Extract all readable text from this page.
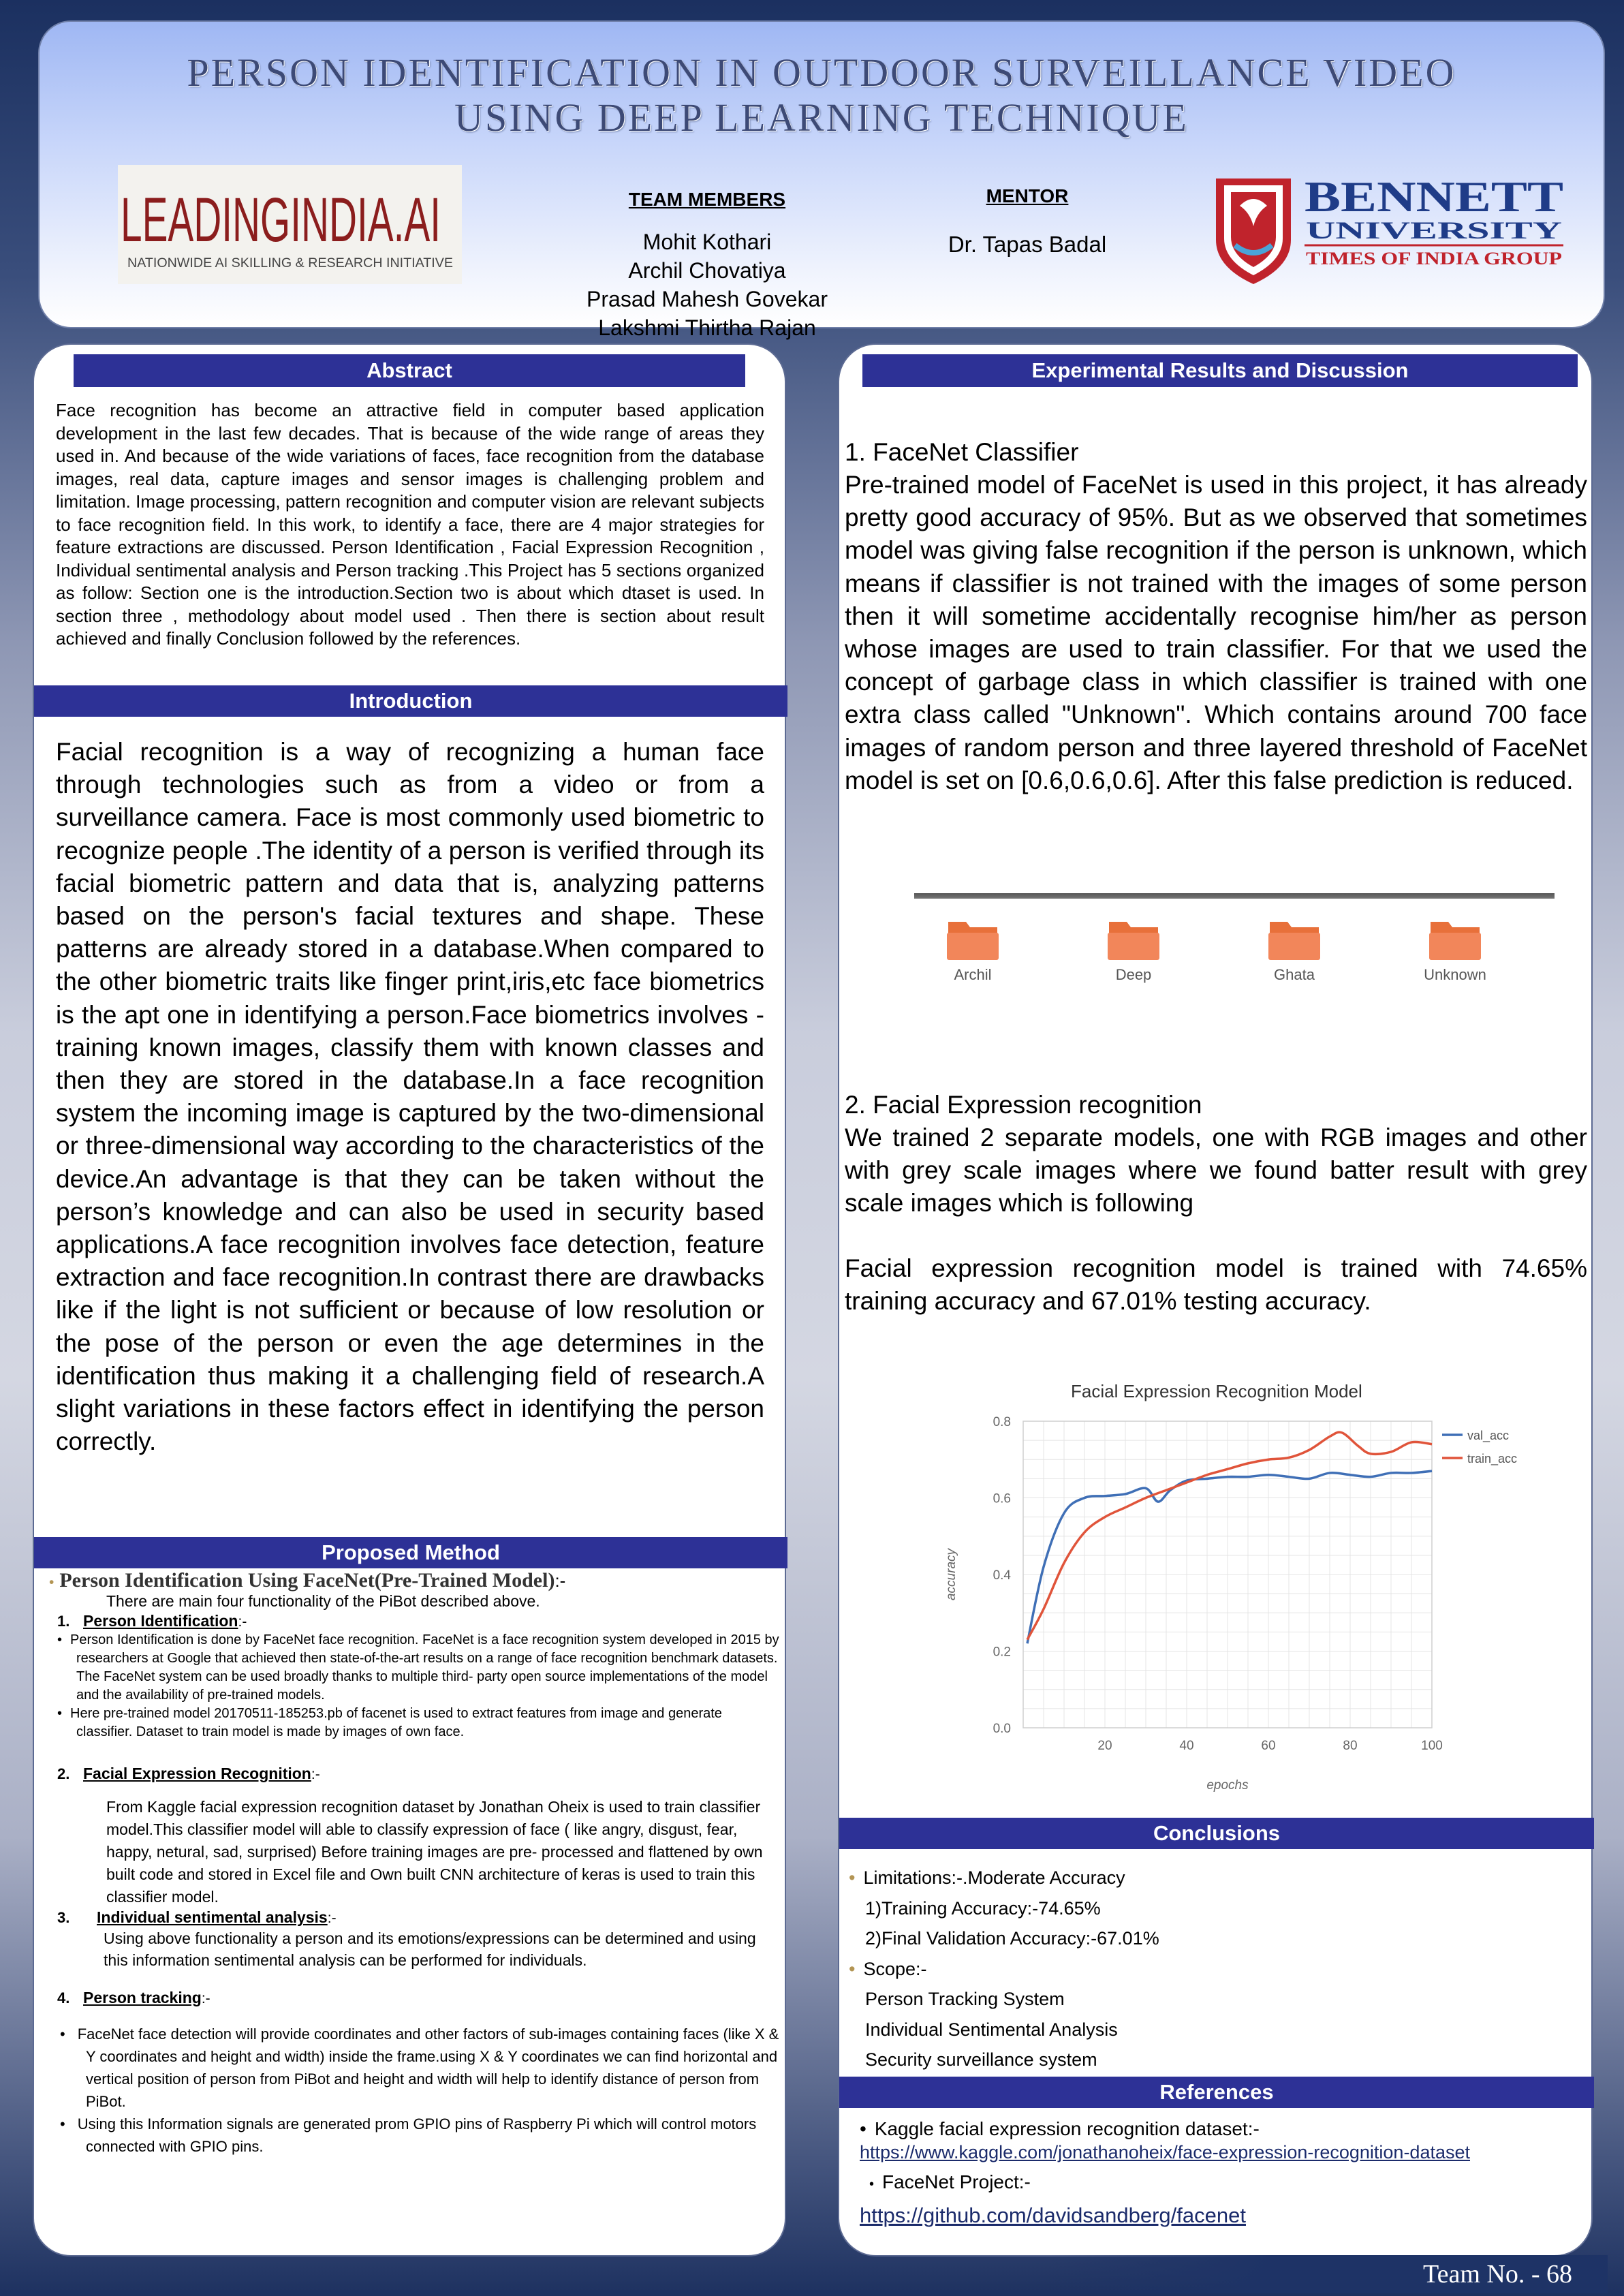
PERSON IDENTIFICATION IN OUTDOOR SURVEILLANCE VIDEO
USING DEEP LEARNING TECHNIQUE
LEADINGINDIA.AI
NATIONWIDE AI SKILLING & RESEARCH INITIATIVE
TEAM MEMBERS
Mohit Kothari
Archil Chovatiya
Prasad Mahesh Govekar
Lakshmi Thirtha Rajan
MENTOR
Dr. Tapas Badal
BENNETT
UNIVERSITY
TIMES OF INDIA GROUP
Abstract
Face recognition has become an attractive field in computer based application development in the last few decades. That is because of the wide range of areas they used in. And because of the wide variations of faces, face recognition from the database images, real data, capture images and sensor images is challenging problem and limitation. Image processing, pattern recognition and computer vision are relevant subjects to face recognition field. In this work, to identify a face, there are 4 major strategies for feature extractions are discussed. Person Identification , Facial Expression Recognition , Individual sentimental analysis and Person tracking .This Project has 5 sections organized as follow: Section one is the introduction.Section two is about which dtaset is used. In section three , methodology about model used . Then there is section about result achieved and finally Conclusion followed by the references.
Introduction
Facial recognition is a way of recognizing a human face through technologies such as from a video or from a surveillance camera. Face is most commonly used biometric to recognize people .The identity of a person is verified through its facial biometric pattern and data that is, analyzing patterns based on the person's facial textures and shape. These patterns are already stored in a database.When compared to the other biometric traits like finger print,iris,etc face biometrics is the apt one in identifying a person.Face biometrics involves - training known images, classify them with known classes and then they are stored in the database.In a face recognition system the incoming image is captured by the two-dimensional or three-dimensional way according to the characteristics of the device.An advantage is that they can be taken without the person’s knowledge and can also be used in security based applications.A face recognition involves face detection, feature extraction and face recognition.In contrast there are drawbacks like if the light is not sufficient or because of low resolution or the pose of the person or even the age determines in the identification thus making it a challenging field of research.A slight variations in these factors effect in identifying the person correctly.
Proposed Method
• Person Identification Using FaceNet(Pre-Trained Model):-
There are main four functionality of the PiBot described above.
1. Person Identification:-
• Person Identification is done by FaceNet face recognition. FaceNet is a face recognition system developed in 2015 by researchers at Google that achieved then state-of-the-art results on a range of face recognition benchmark datasets. The FaceNet system can be used broadly thanks to multiple third- party open source implementations of the model and the availability of pre-trained models.
• Here pre-trained model 20170511-185253.pb of facenet is used to extract features from image and generate classifier. Dataset to train model is made by images of own face.
2. Facial Expression Recognition:-
From Kaggle facial expression recognition dataset by Jonathan Oheix is used to train classifier model.This classifier model will able to classify expression of face ( like angry, disgust, fear, happy, netural, sad, surprised) Before training images are pre- processed and flattened by own built code and stored in Excel file and Own built CNN architecture of keras is used to train this classifier model.
3. Individual sentimental analysis:-
Using above functionality a person and its emotions/expressions can be determined and using this information sentimental analysis can be performed for individuals.
4. Person tracking:-
• FaceNet face detection will provide coordinates and other factors of sub-images containing faces (like X & Y coordinates and height and width) inside the frame.using X & Y coordinates we can find horizontal and vertical position of person from PiBot and height and width will help to identify distance of person from PiBot.
• Using this Information signals are generated prom GPIO pins of Raspberry Pi which will control motors connected with GPIO pins.
Experimental Results and Discussion
1. FaceNet Classifier
Pre-trained model of FaceNet is used in this project, it has already pretty good accuracy of 95%. But as we observed that sometimes model was giving false recognition if the person is unknown, which means if classifier is not trained with the images of some person then it will sometime accidentally recognise him/her as person whose images are used to train classifier. For that we used the concept of garbage class in which classifier is trained with one extra class called "Unknown". Which contains around 700 face images of random person and three layered threshold of FaceNet model is set on [0.6,0.6,0.6]. After this false prediction is reduced.
Archil	Deep	Ghata	Unknown
2. Facial Expression recognition
We trained 2 separate models, one with RGB images and other with grey scale images where we found batter result with grey scale images which is following
Facial expression recognition model is trained with 74.65% training accuracy and 67.01% testing accuracy.
Facial Expression Recognition Model
0.0
0.2
0.4
0.6
0.8
20	40	60	80	100
epochs
accuracy
val_acc
train_acc
Conclusions
• Limitations:-.Moderate Accuracy
1)Training Accuracy:-74.65%
2)Final Validation Accuracy:-67.01%
• Scope:-
Person Tracking System
Individual Sentimental Analysis
Security surveillance system
References
• Kaggle facial expression recognition dataset:-
https://www.kaggle.com/jonathanoheix/face-expression-recognition-dataset
• FaceNet Project:-
https://github.com/davidsandberg/facenet
Team No. - 68
